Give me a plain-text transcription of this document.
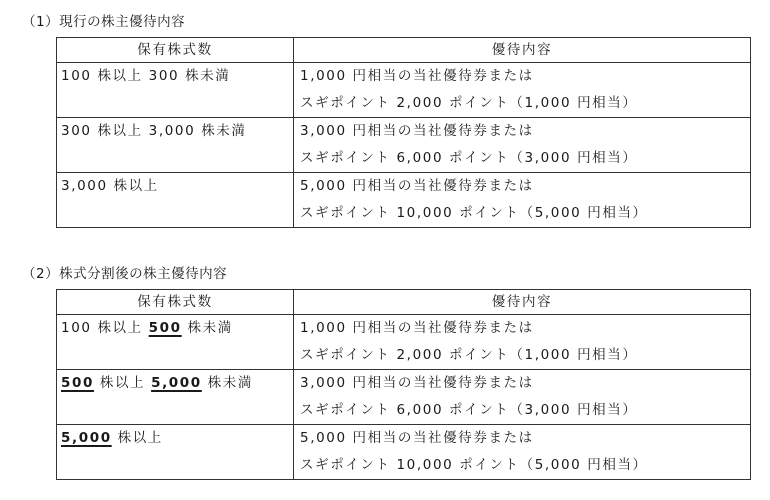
（1）現行の株主優待内容
保有株式数	優待内容

100 株以上 300 株未満	1,000 円相当の当社優待券または
スギポイント 2,000 ポイント（1,000 円相当）

300 株以上 3,000 株未満	3,000 円相当の当社優待券または
スギポイント 6,000 ポイント（3,000 円相当）

3,000 株以上	5,000 円相当の当社優待券または
スギポイント 10,000 ポイント（5,000 円相当）
（2）株式分割後の株主優待内容
保有株式数	優待内容

100 株以上 500 株未満	1,000 円相当の当社優待券または
スギポイント 2,000 ポイント（1,000 円相当）

500 株以上 5,000 株未満	3,000 円相当の当社優待券または
スギポイント 6,000 ポイント（3,000 円相当）

5,000 株以上	5,000 円相当の当社優待券または
スギポイント 10,000 ポイント（5,000 円相当）
